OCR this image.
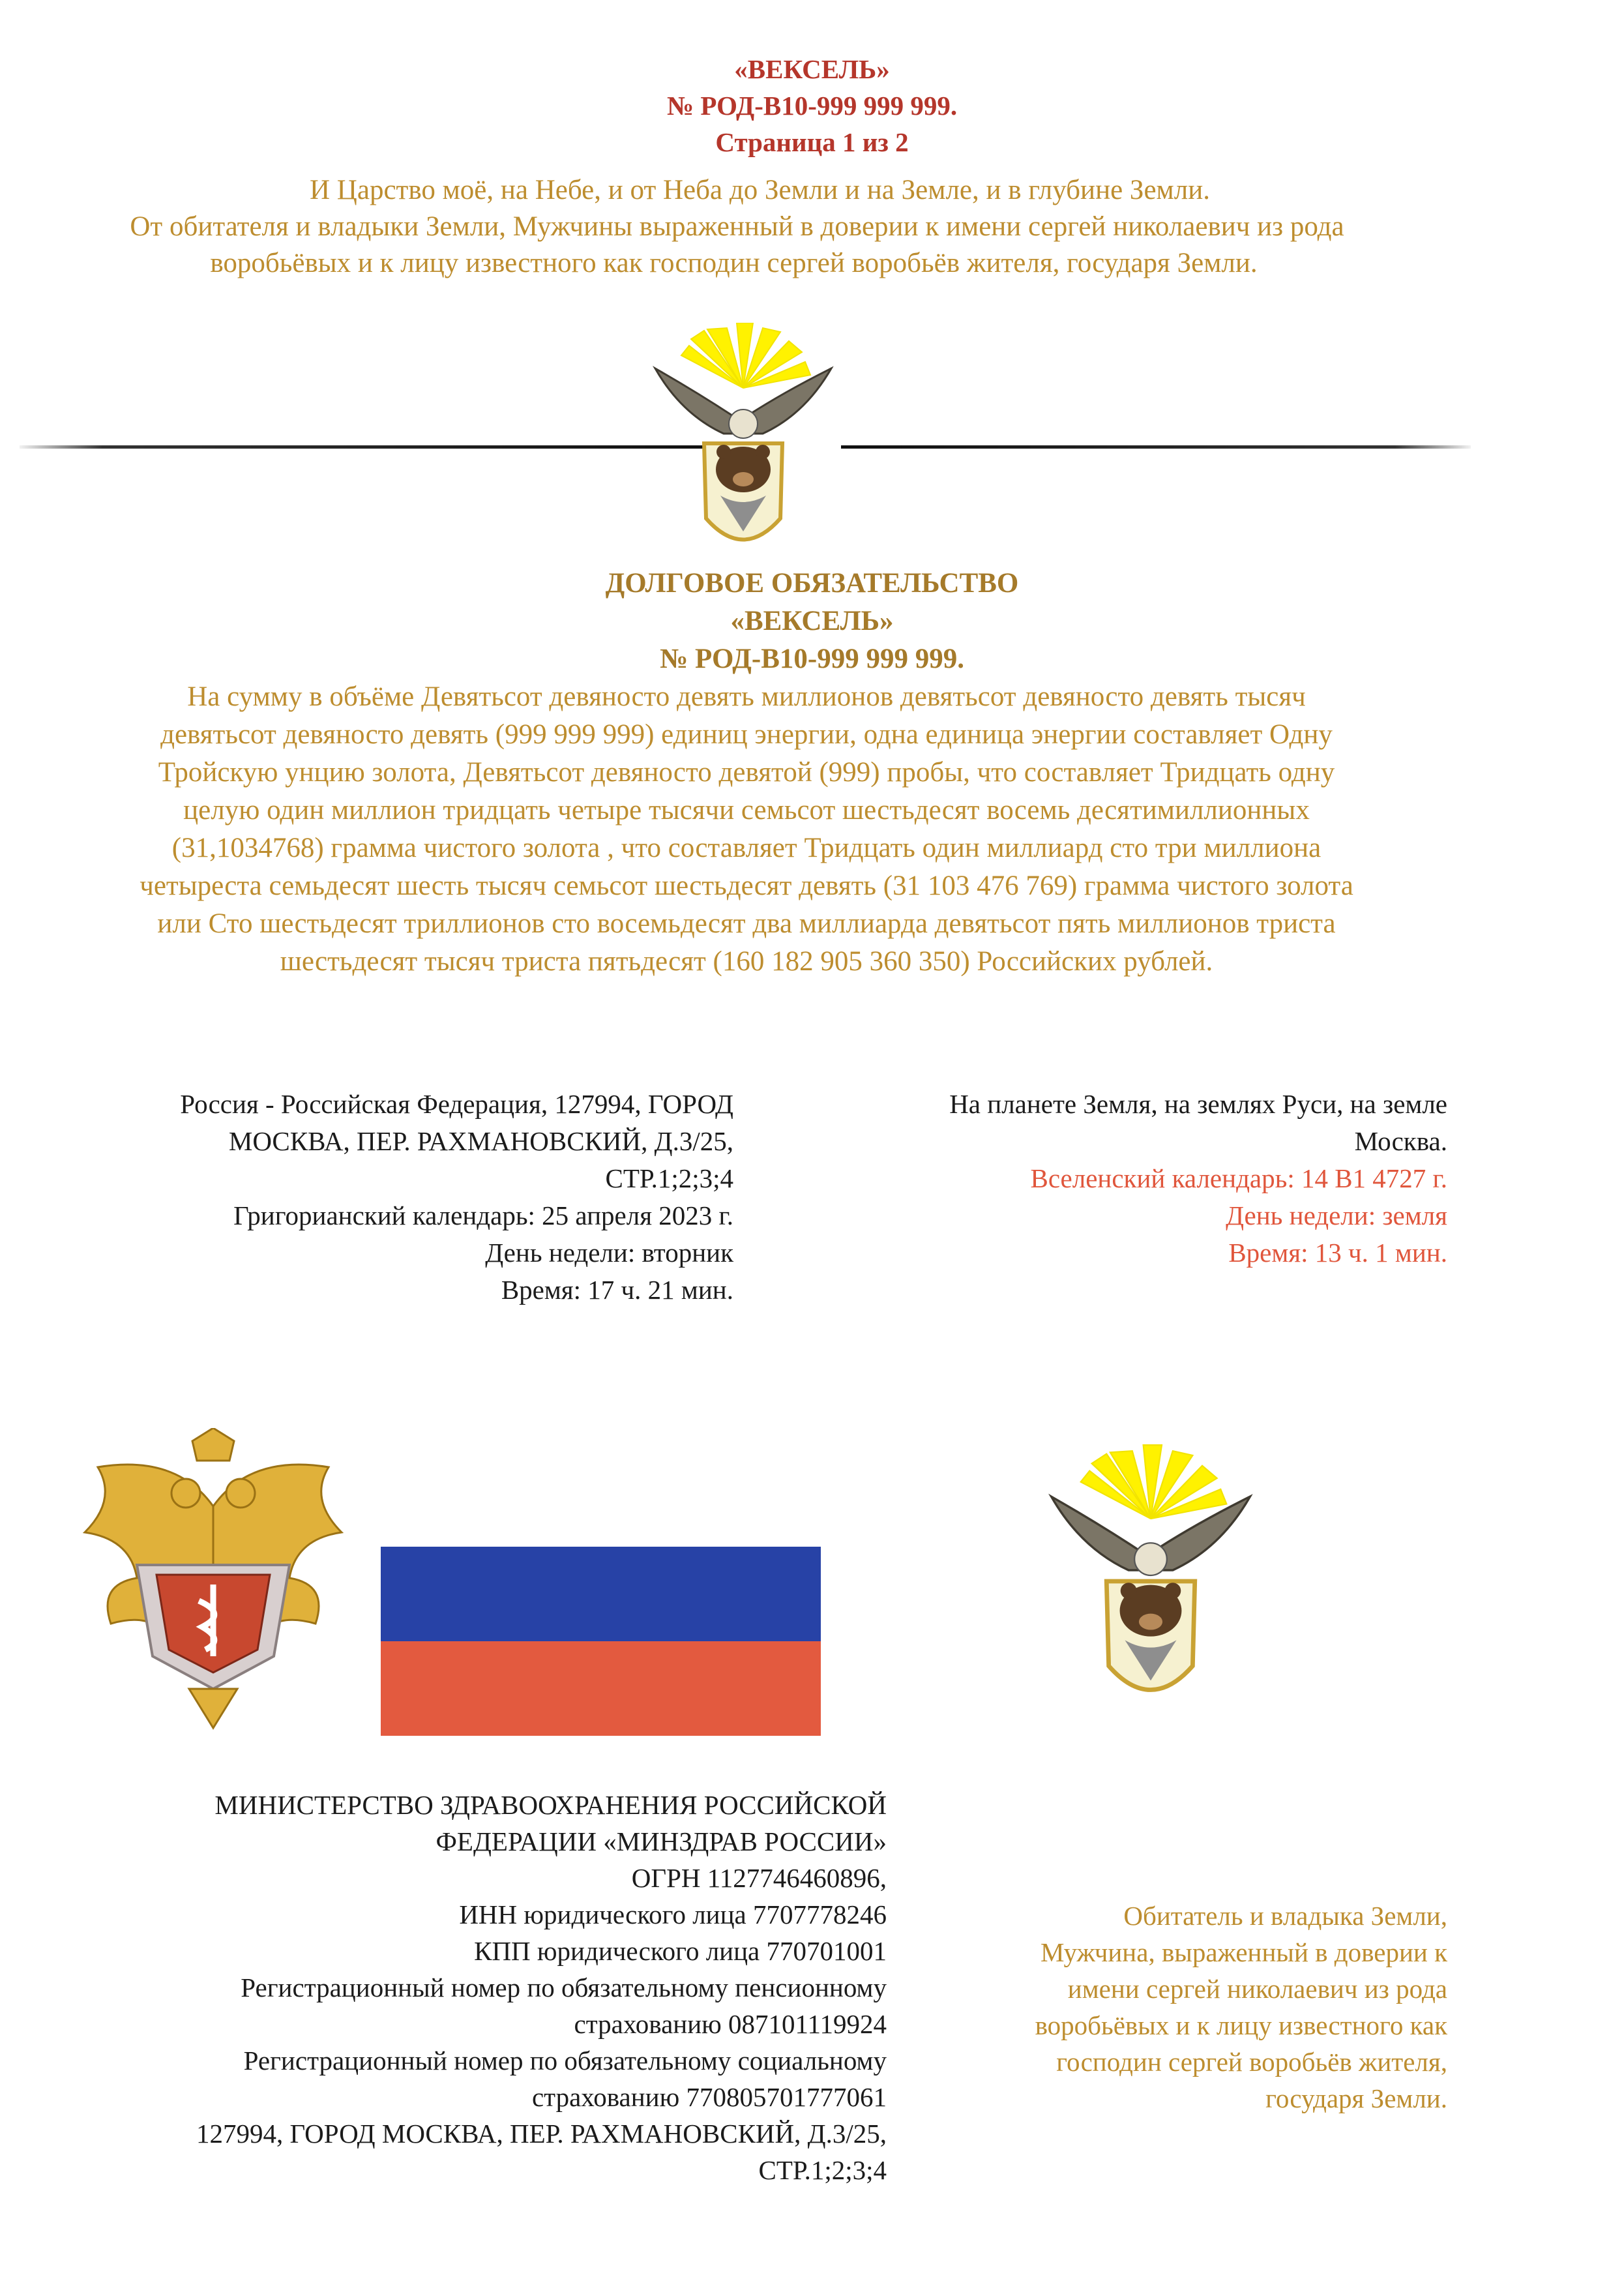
«ВЕКСЕЛЬ»
№ РОД-В10-999 999 999.
Страница 1 из 2
И Царство моё, на Небе, и от Неба до Земли и на Земле, и в глубине Земли.
От обитателя и владыки Земли, Мужчины выраженный в доверии к имени сергей николаевич из рода
воробьёвых и к лицу известного как господин сергей воробьёв жителя, государя Земли.
ДОЛГОВОЕ ОБЯЗАТЕЛЬСТВО
«ВЕКСЕЛЬ»
№ РОД-В10-999 999 999.
На сумму в объёме Девятьсот девяносто девять миллионов девятьсот девяносто девять тысяч
девятьсот девяносто девять (999 999 999) единиц энергии, одна единица энергии составляет Одну
Тройскую унцию золота, Девятьсот девяносто девятой (999) пробы, что составляет Тридцать одну
целую один миллион тридцать четыре тысячи семьсот шестьдесят восемь десятимиллионных
(31,1034768) грамма чистого золота , что составляет Тридцать один миллиард сто три миллиона
четыреста семьдесят шесть тысяч семьсот шестьдесят девять (31 103 476 769) грамма чистого золота
или Сто шестьдесят триллионов сто восемьдесят два миллиарда девятьсот пять миллионов триста
шестьдесят тысяч триста пятьдесят (160 182 905 360 350) Российских рублей.
Россия - Российская Федерация, 127994, ГОРОД
МОСКВА, ПЕР. РАХМАНОВСКИЙ, Д.3/25,
СТР.1;2;3;4
Григорианский календарь: 25 апреля 2023 г.
День недели: вторник
Время: 17 ч. 21 мин.
На планете Земля, на землях Руси, на земле
Москва.
Вселенский календарь: 14 В1 4727 г.
День недели: земля
Время: 13 ч. 1 мин.
МИНИСТЕРСТВО ЗДРАВООХРАНЕНИЯ РОССИЙСКОЙ
ФЕДЕРАЦИИ «МИНЗДРАВ РОССИИ»
ОГРН 1127746460896,
ИНН юридического лица 7707778246
КПП юридического лица 770701001
Регистрационный номер по обязательному пенсионному
страхованию 087101119924
Регистрационный номер по обязательному социальному
страхованию 770805701777061
127994, ГОРОД МОСКВА, ПЕР. РАХМАНОВСКИЙ, Д.3/25,
СТР.1;2;3;4
Обитатель и владыка Земли,
Мужчина, выраженный в доверии к
имени сергей николаевич из рода
воробьёвых и к лицу известного как
господин сергей воробьёв жителя,
государя Земли.
